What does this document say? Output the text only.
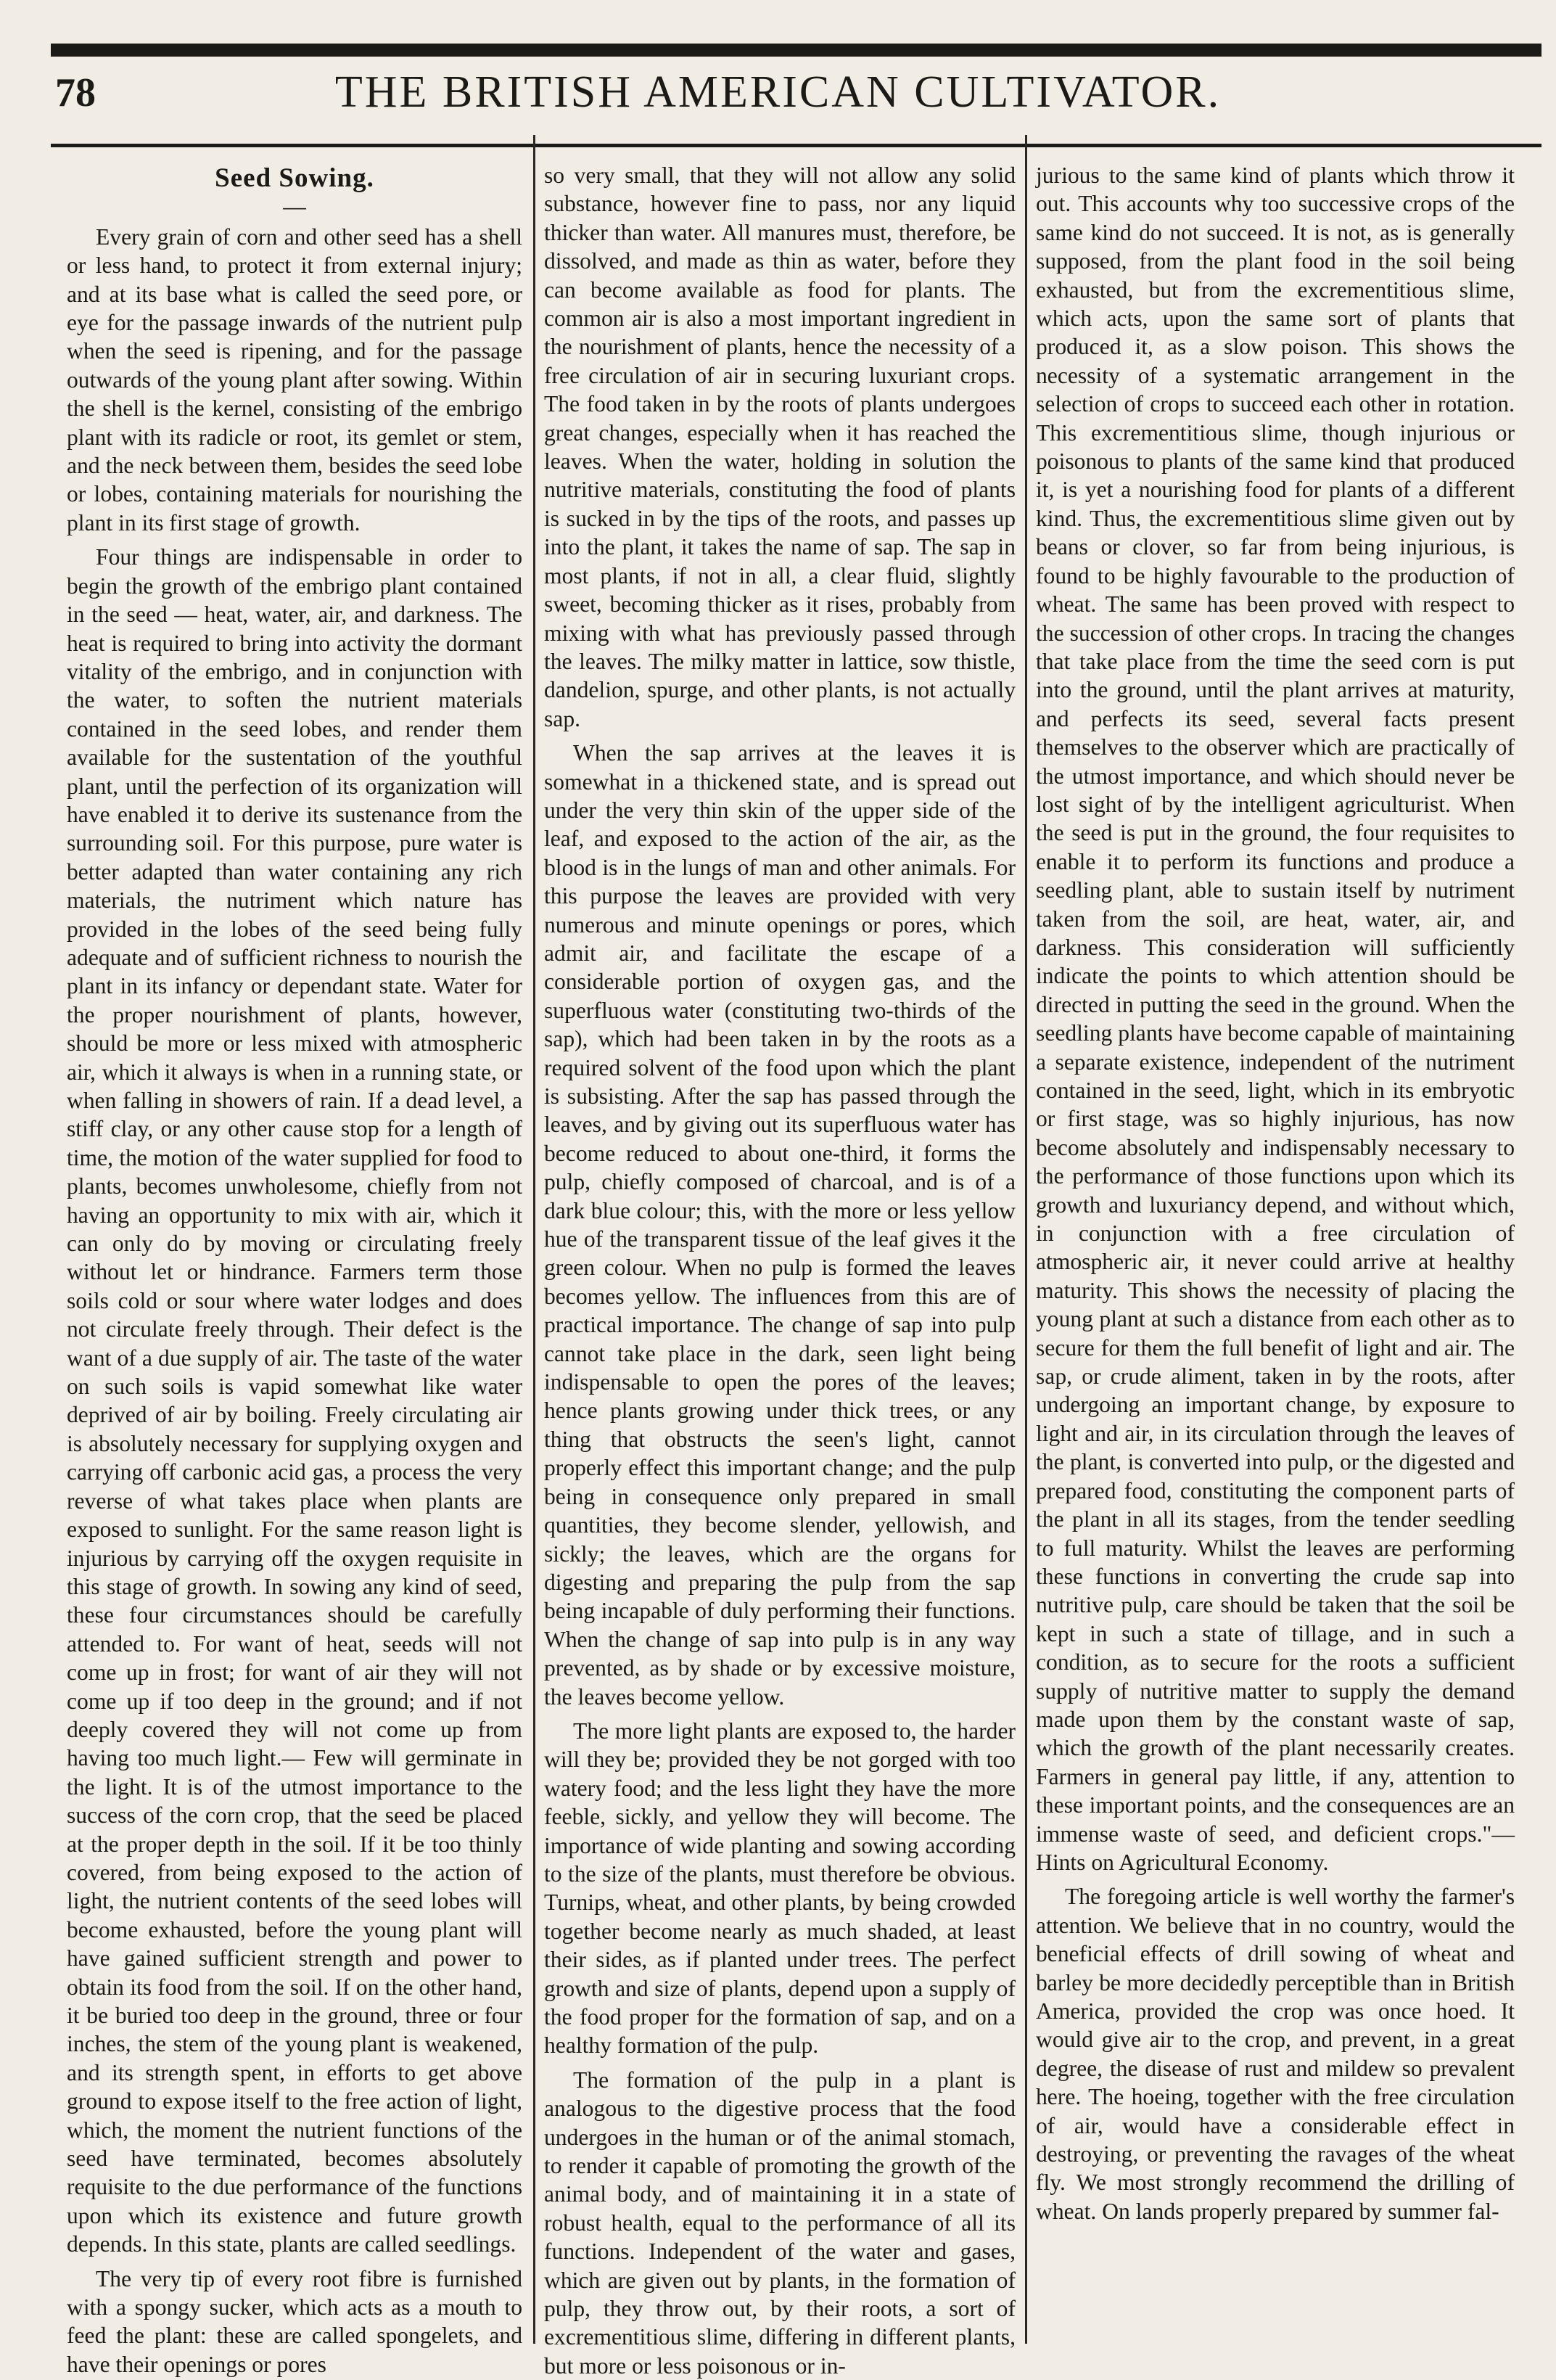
78	THE BRITISH AMERICAN CULTIVATOR.
Seed Sowing.
—

Every grain of corn and other seed has a shell or less hand, to protect it from external injury; and at its base what is called the seed pore, or eye for the passage inwards of the nutrient pulp when the seed is ripening, and for the passage outwards of the young plant after sowing. Within the shell is the kernel, consisting of the embrigo plant with its radicle or root, its gemlet or stem, and the neck between them, besides the seed lobe or lobes, containing materials for nourishing the plant in its first stage of growth.

Four things are indispensable in order to begin the growth of the embrigo plant contained in the seed — heat, water, air, and darkness. The heat is required to bring into activity the dormant vitality of the embrigo, and in conjunction with the water, to soften the nutrient materials contained in the seed lobes, and render them available for the sustentation of the youthful plant, until the perfection of its organization will have enabled it to derive its sustenance from the surrounding soil. For this purpose, pure water is better adapted than water containing any rich materials, the nutriment which nature has provided in the lobes of the seed being fully adequate and of sufficient richness to nourish the plant in its infancy or dependant state. Water for the proper nourishment of plants, however, should be more or less mixed with atmospheric air, which it always is when in a running state, or when falling in showers of rain. If a dead level, a stiff clay, or any other cause stop for a length of time, the motion of the water supplied for food to plants, becomes unwholesome, chiefly from not having an opportunity to mix with air, which it can only do by moving or circulating freely without let or hindrance. Farmers term those soils cold or sour where water lodges and does not circulate freely through. Their defect is the want of a due supply of air. The taste of the water on such soils is vapid somewhat like water deprived of air by boiling. Freely circulating air is absolutely necessary for supplying oxygen and carrying off carbonic acid gas, a process the very reverse of what takes place when plants are exposed to sunlight. For the same reason light is injurious by carrying off the oxygen requisite in this stage of growth. In sowing any kind of seed, these four circumstances should be carefully attended to. For want of heat, seeds will not come up in frost; for want of air they will not come up if too deep in the ground; and if not deeply covered they will not come up from having too much light.— Few will germinate in the light. It is of the utmost importance to the success of the corn crop, that the seed be placed at the proper depth in the soil. If it be too thinly covered, from being exposed to the action of light, the nutrient contents of the seed lobes will become exhausted, before the young plant will have gained sufficient strength and power to obtain its food from the soil. If on the other hand, it be buried too deep in the ground, three or four inches, the stem of the young plant is weakened, and its strength spent, in efforts to get above ground to expose itself to the free action of light, which, the moment the nutrient functions of the seed have terminated, becomes absolutely requisite to the due performance of the functions upon which its existence and future growth depends. In this state, plants are called seedlings.

The very tip of every root fibre is furnished with a spongy sucker, which acts as a mouth to feed the plant: these are called spongelets, and have their openings or pores

so very small, that they will not allow any solid substance, however fine to pass, nor any liquid thicker than water. All manures must, therefore, be dissolved, and made as thin as water, before they can become available as food for plants. The common air is also a most important ingredient in the nourishment of plants, hence the necessity of a free circulation of air in securing luxuriant crops. The food taken in by the roots of plants undergoes great changes, especially when it has reached the leaves. When the water, holding in solution the nutritive materials, constituting the food of plants is sucked in by the tips of the roots, and passes up into the plant, it takes the name of sap. The sap in most plants, if not in all, a clear fluid, slightly sweet, becoming thicker as it rises, probably from mixing with what has previously passed through the leaves. The milky matter in lattice, sow thistle, dandelion, spurge, and other plants, is not actually sap.

When the sap arrives at the leaves it is somewhat in a thickened state, and is spread out under the very thin skin of the upper side of the leaf, and exposed to the action of the air, as the blood is in the lungs of man and other animals. For this purpose the leaves are provided with very numerous and minute openings or pores, which admit air, and facilitate the escape of a considerable portion of oxygen gas, and the superfluous water (constituting two-thirds of the sap), which had been taken in by the roots as a required solvent of the food upon which the plant is subsisting. After the sap has passed through the leaves, and by giving out its superfluous water has become reduced to about one-third, it forms the pulp, chiefly composed of charcoal, and is of a dark blue colour; this, with the more or less yellow hue of the transparent tissue of the leaf gives it the green colour. When no pulp is formed the leaves becomes yellow. The influences from this are of practical importance. The change of sap into pulp cannot take place in the dark, seen light being indispensable to open the pores of the leaves; hence plants growing under thick trees, or any thing that obstructs the seen's light, cannot properly effect this important change; and the pulp being in consequence only prepared in small quantities, they become slender, yellowish, and sickly; the leaves, which are the organs for digesting and preparing the pulp from the sap being incapable of duly performing their functions. When the change of sap into pulp is in any way prevented, as by shade or by excessive moisture, the leaves become yellow.

The more light plants are exposed to, the harder will they be; provided they be not gorged with too watery food; and the less light they have the more feeble, sickly, and yellow they will become. The importance of wide planting and sowing according to the size of the plants, must therefore be obvious. Turnips, wheat, and other plants, by being crowded together become nearly as much shaded, at least their sides, as if planted under trees. The perfect growth and size of plants, depend upon a supply of the food proper for the formation of sap, and on a healthy formation of the pulp.

The formation of the pulp in a plant is analogous to the digestive process that the food undergoes in the human or of the animal stomach, to render it capable of promoting the growth of the animal body, and of maintaining it in a state of robust health, equal to the performance of all its functions. Independent of the water and gases, which are given out by plants, in the formation of pulp, they throw out, by their roots, a sort of excrementitious slime, differing in different plants, but more or less poisonous or in-

jurious to the same kind of plants which throw it out. This accounts why too successive crops of the same kind do not succeed. It is not, as is generally supposed, from the plant food in the soil being exhausted, but from the excrementitious slime, which acts, upon the same sort of plants that produced it, as a slow poison. This shows the necessity of a systematic arrangement in the selection of crops to succeed each other in rotation. This excrementitious slime, though injurious or poisonous to plants of the same kind that produced it, is yet a nourishing food for plants of a different kind. Thus, the excrementitious slime given out by beans or clover, so far from being injurious, is found to be highly favourable to the production of wheat. The same has been proved with respect to the succession of other crops. In tracing the changes that take place from the time the seed corn is put into the ground, until the plant arrives at maturity, and perfects its seed, several facts present themselves to the observer which are practically of the utmost importance, and which should never be lost sight of by the intelligent agriculturist. When the seed is put in the ground, the four requisites to enable it to perform its functions and produce a seedling plant, able to sustain itself by nutriment taken from the soil, are heat, water, air, and darkness. This consideration will sufficiently indicate the points to which attention should be directed in putting the seed in the ground. When the seedling plants have become capable of maintaining a separate existence, independent of the nutriment contained in the seed, light, which in its embryotic or first stage, was so highly injurious, has now become absolutely and indispensably necessary to the performance of those functions upon which its growth and luxuriancy depend, and without which, in conjunction with a free circulation of atmospheric air, it never could arrive at healthy maturity. This shows the necessity of placing the young plant at such a distance from each other as to secure for them the full benefit of light and air. The sap, or crude aliment, taken in by the roots, after undergoing an important change, by exposure to light and air, in its circulation through the leaves of the plant, is converted into pulp, or the digested and prepared food, constituting the component parts of the plant in all its stages, from the tender seedling to full maturity. Whilst the leaves are performing these functions in converting the crude sap into nutritive pulp, care should be taken that the soil be kept in such a state of tillage, and in such a condition, as to secure for the roots a sufficient supply of nutritive matter to supply the demand made upon them by the constant waste of sap, which the growth of the plant necessarily creates. Farmers in general pay little, if any, attention to these important points, and the consequences are an immense waste of seed, and deficient crops."—Hints on Agricultural Economy.

The foregoing article is well worthy the farmer's attention. We believe that in no country, would the beneficial effects of drill sowing of wheat and barley be more decidedly perceptible than in British America, provided the crop was once hoed. It would give air to the crop, and prevent, in a great degree, the disease of rust and mildew so prevalent here. The hoeing, together with the free circulation of air, would have a considerable effect in destroying, or preventing the ravages of the wheat fly. We most strongly recommend the drilling of wheat. On lands properly prepared by summer fal-
